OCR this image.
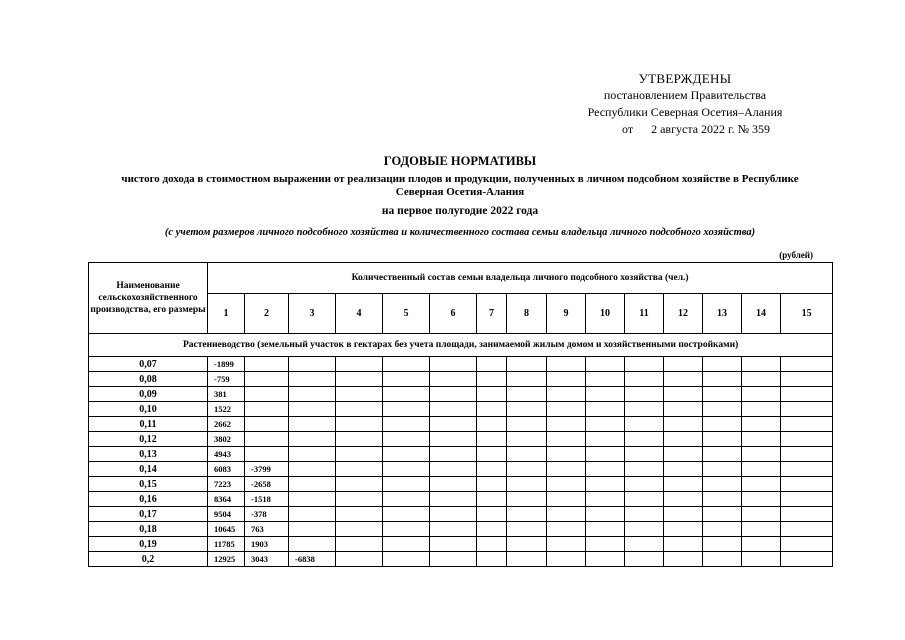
УТВЕРЖДЕНЫ
постановлением Правительства
Республики Северная Осетия–Алания
от      2 августа 2022 г. № 359
ГОДОВЫЕ НОРМАТИВЫ
чистого дохода в стоимостном выражении от реализации плодов и продукции, полученных в личном подсобном хозяйстве в Республике Северная Осетия-Алания
на первое полугодие 2022 года
(с учетом размеров личного подсобного хозяйства и количественного состава семьи владельца личного подсобного хозяйства)
(рублей)
Наименование сельскохозяйственного производства, его размеры	Количественный состав семьи владельца личного подсобного хозяйства (чел.)														
	1	2	3	4	5	6	7	8	9	10	11	12	13	14	15
Растениеводство (земельный участок в гектарах без учета площади, занимаемой жилым домом и хозяйственными постройками)															
0,07	-1899														
0,08	-759														
0,09	381														
0,10	1522														
0,11	2662														
0,12	3802														
0,13	4943														
0,14	6083	-3799													
0,15	7223	-2658													
0,16	8364	-1518													
0,17	9504	-378													
0,18	10645	763													
0,19	11785	1903													
0,2	12925	3043	-6838												
